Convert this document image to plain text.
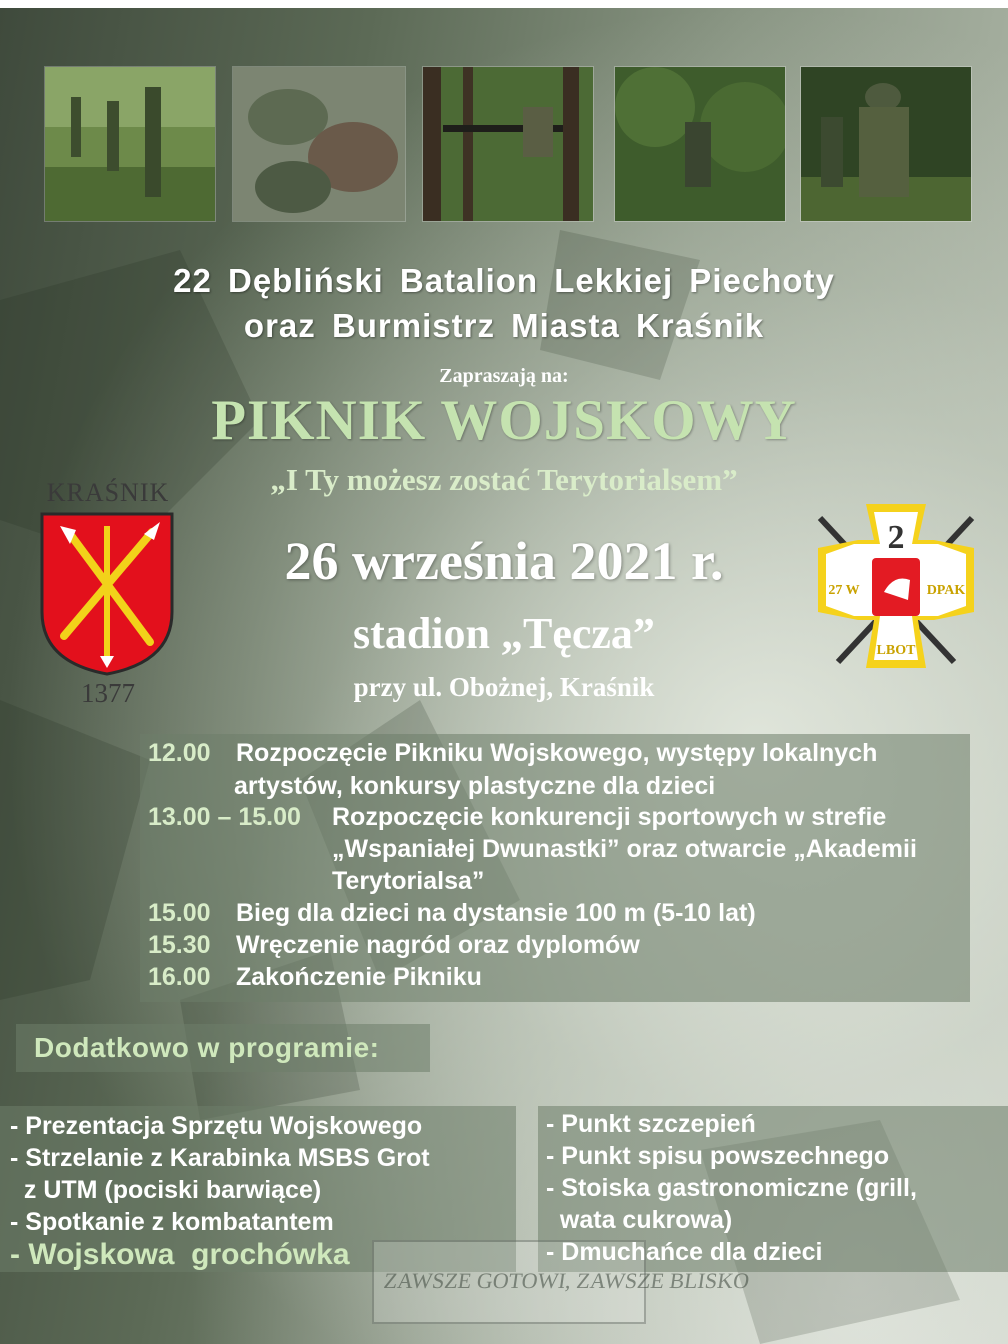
22 Dębliński Batalion Lekkiej Piechoty
oraz Burmistrz Miasta Kraśnik
Zapraszają na:
PIKNIK WOJSKOWY
„I Ty możesz zostać Terytorialsem”
26 września 2021 r.
stadion „Tęcza”
przy ul. Obożnej, Kraśnik
KRAŚNIK
1377
2
27 W	DPAK
LBOT
12.00 Rozpoczęcie Pikniku Wojskowego, występy lokalnych
artystów, konkursy plastyczne dla dzieci
13.00 – 15.00 Rozpoczęcie konkurencji sportowych w strefie
„Wspaniałej Dwunastki” oraz otwarcie „Akademii
Terytorialsa”
15.00 Bieg dla dzieci na dystansie 100 m (5-10 lat)
15.30 Wręczenie nagród oraz dyplomów
16.00 Zakończenie Pikniku
Dodatkowo w programie:
- Prezentacja Sprzętu Wojskowego
- Strzelanie z Karabinka MSBS Grot
z UTM (pociski barwiące)
- Spotkanie z kombatantem
- Wojskowa  grochówka
- Punkt szczepień
- Punkt spisu powszechnego
- Stoiska gastronomiczne (grill,
wata cukrowa)
- Dmuchańce dla dzieci
ZAWSZE GOTOWI, ZAWSZE BLISKO
